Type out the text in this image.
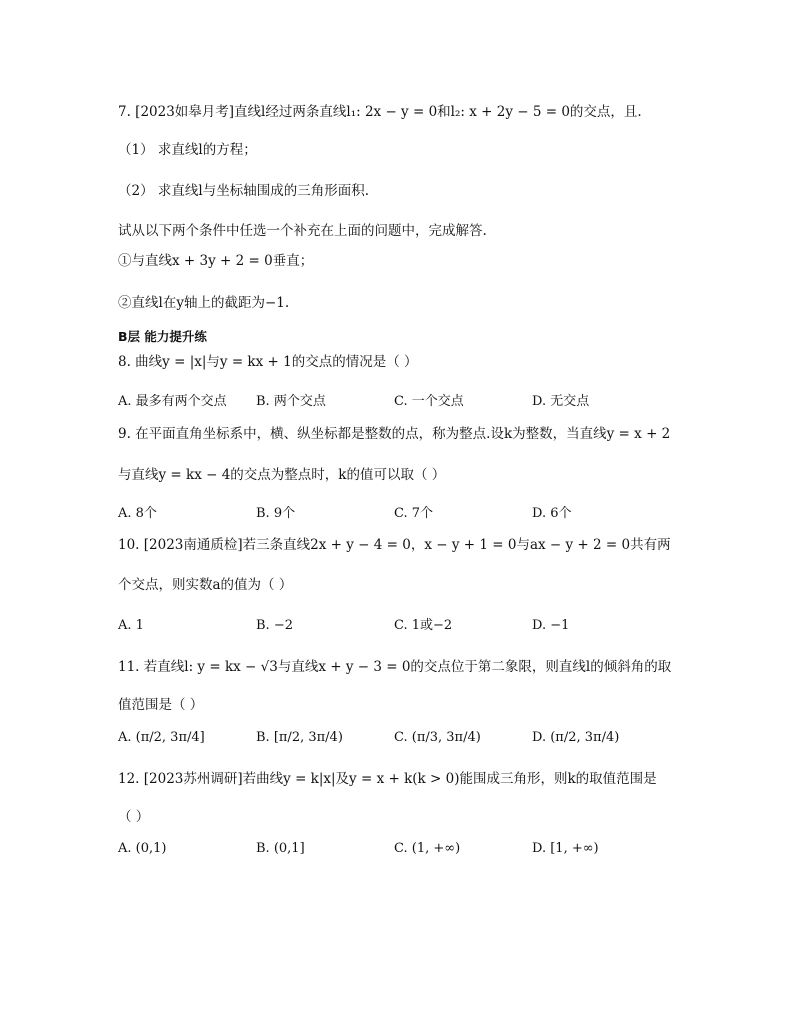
7. [2023如皋月考]直线l经过两条直线l₁: 2x − y = 0和l₂: x + 2y − 5 = 0的交点，且.
（1） 求直线l的方程；
（2） 求直线l与坐标轴围成的三角形面积.
试从以下两个条件中任选一个补充在上面的问题中，完成解答.
①与直线x + 3y + 2 = 0垂直；
②直线l在y轴上的截距为−1.
B层 能力提升练
8. 曲线y = |x|与y = kx + 1的交点的情况是（ ）
A. 最多有两个交点 B. 两个交点	C. 一个交点	D. 无交点
9. 在平面直角坐标系中，横、纵坐标都是整数的点，称为整点.设k为整数，当直线y = x + 2
与直线y = kx − 4的交点为整点时，k的值可以取（ ）
A. 8个	B. 9个	C. 7个	D. 6个
10. [2023南通质检]若三条直线2x + y − 4 = 0，x − y + 1 = 0与ax − y + 2 = 0共有两
个交点，则实数a的值为（ ）
A. 1	B. −2	C. 1或−2	D. −1
11. 若直线l: y = kx − √3与直线x + y − 3 = 0的交点位于第二象限，则直线l的倾斜角的取
值范围是（ ）
A. (π/2, 3π/4]	B. [π/2, 3π/4)	C. (π/3, 3π/4)	D. (π/2, 3π/4)
12. [2023苏州调研]若曲线y = k|x|及y = x + k(k > 0)能围成三角形，则k的取值范围是
（ ）
A. (0,1)	B. (0,1]	C. (1, +∞)	D. [1, +∞)
